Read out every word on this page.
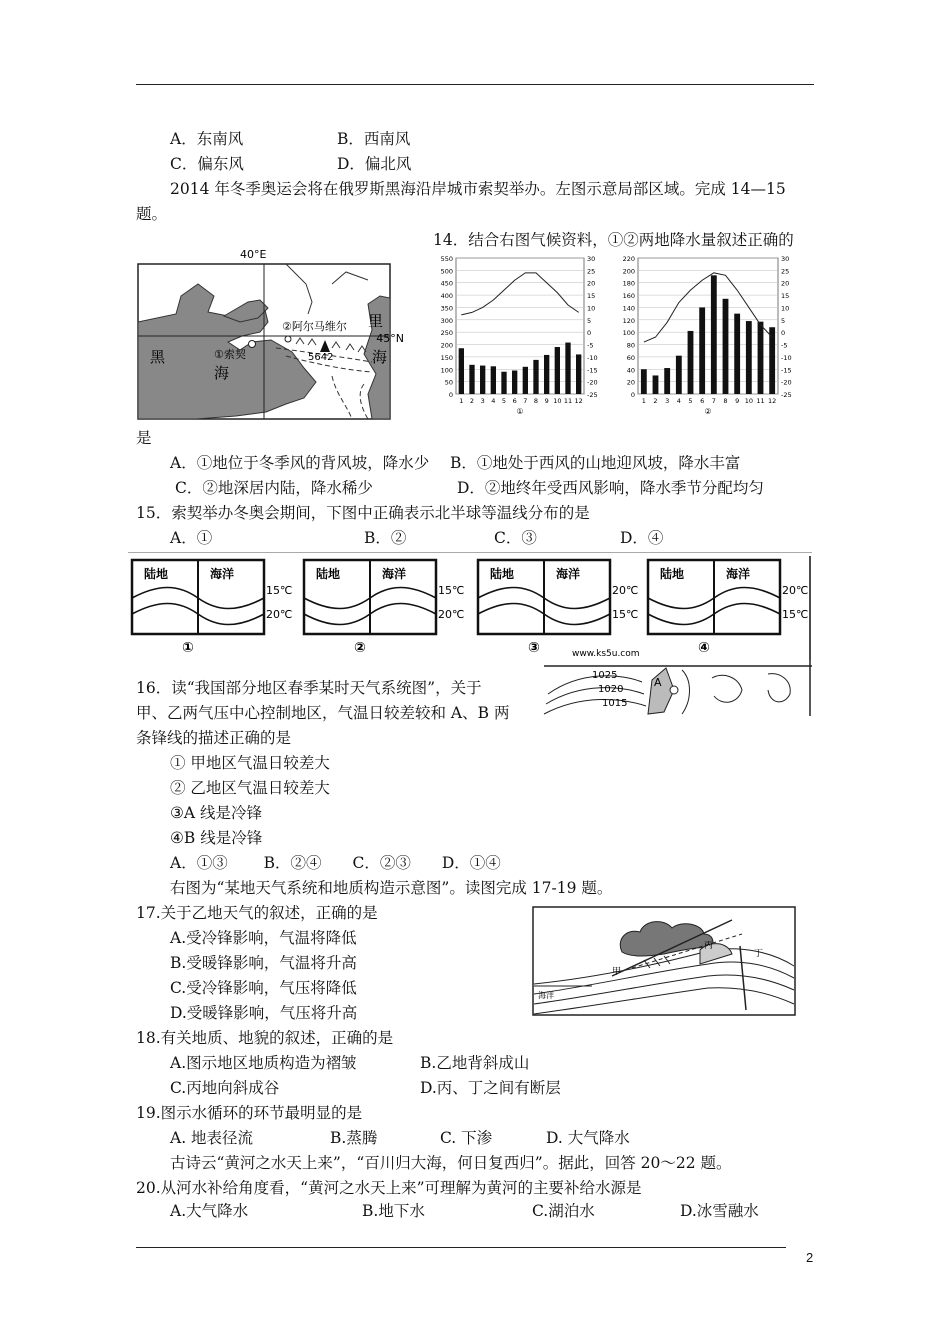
A．东南风	B．西南风
C．偏东风	D．偏北风
2014 年冬季奥运会将在俄罗斯黑海沿岸城市索契举办。左图示意局部区域。完成 14—15
题。
40°E
45°N
黑
海
里
海
①索契
②阿尔马维尔
5642
14．结合右图气候资料，①②两地降水量叙述正确的
550
500
450
400
350
300
250
200
150
100
50
0
30
25
20
15
10
5
0
-5
-10
-15
-20
-25
1 2 3 4 5 6 7 8 9 10 11 12
①
220
200
180
160
140
120
100
80
60
40
20
0
30
25
20
15
10
5
0
-5
-10
-15
-20
-25
1 2 3 4 5 6 7 8 9 10 11 12
②
是
A．①地位于冬季风的背风坡，降水少 B．①地处于西风的山地迎风坡，降水丰富
C．②地深居内陆，降水稀少	D．②地终年受西风影响，降水季节分配均匀
15．索契举办冬奥会期间，下图中正确表示北半球等温线分布的是
A．①	B．②	C．③	D．④
陆地	海洋
15℃
20℃
①
陆地	海洋
15℃
20℃
②
陆地	海洋
20℃
15℃
③
陆地	海洋
20℃
15℃
④
www.ks5u.com
16．读“我国部分地区春季某时天气系统图”，关于
甲、乙两气压中心控制地区，气温日较差较和 A、B 两
条锋线的描述正确的是
① 甲地区气温日较差大
② 乙地区气温日较差大
③A 线是冷锋
④B 线是冷锋
A．①③　　 B．②④　　C．②③　　D．①④
1025
1020
1015
A
右图为“某地天气系统和地质构造示意图”。读图完成 17-19 题。
17.关于乙地天气的叙述，正确的是
A.受冷锋影响，气温将降低
B.受暖锋影响，气温将升高
C.受冷锋影响，气压将降低
D.受暖锋影响，气压将升高
甲
丙
丁
海洋
18.有关地质、地貌的叙述，正确的是
A.图示地区地质构造为褶皱	B.乙地背斜成山
C.丙地向斜成谷	D.丙、丁之间有断层
19.图示水循环的环节最明显的是
A. 地表径流	B.蒸腾	C. 下渗	D. 大气降水
古诗云“黄河之水天上来”，“百川归大海，何日复西归”。据此，回答 20～22 题。
20.从河水补给角度看，“黄河之水天上来”可理解为黄河的主要补给水源是
A.大气降水	B.地下水	C.湖泊水	D.冰雪融水
2
